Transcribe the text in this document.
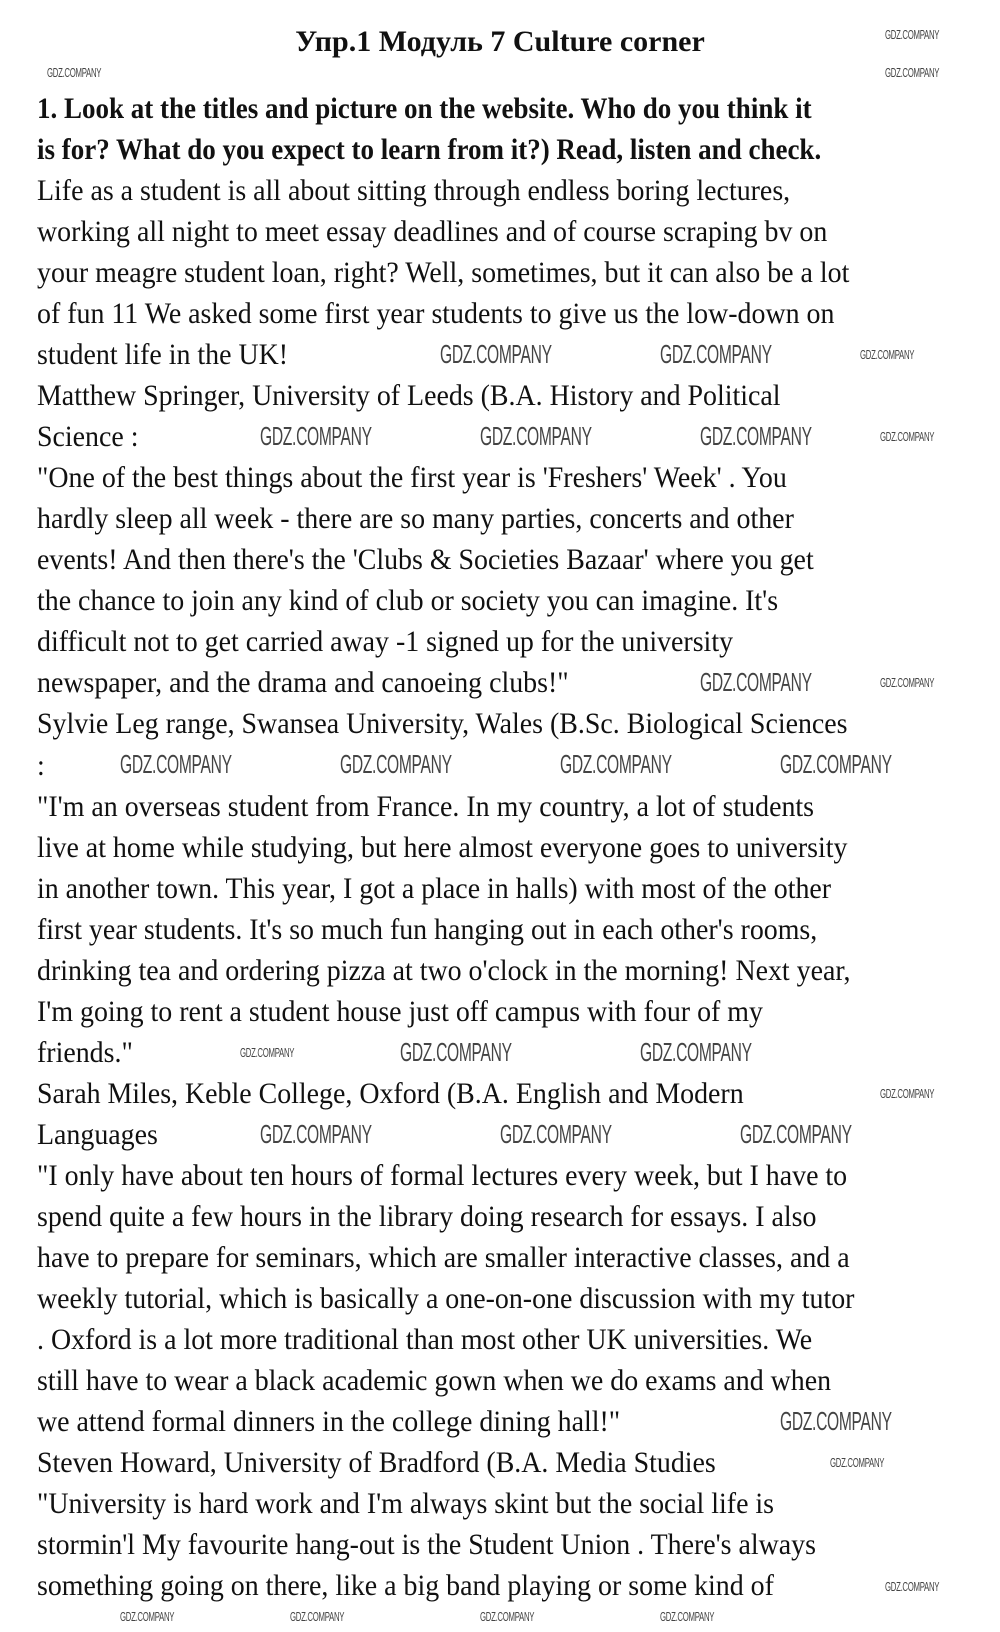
Упр.1 Модуль 7 Culture corner
1. Look at the titles and picture on the website. Who do you think it
is for? What do you expect to learn from it?) Read, listen and check.
Life as a student is all about sitting through endless boring lectures,
working all night to meet essay deadlines and of course scraping bv on
your meagre student loan, right? Well, sometimes, but it can also be a lot
of fun 11 We asked some first year students to give us the low-down on
student life in the UK!
Matthew Springer, University of Leeds (B.A. History and Political
Science :
"One of the best things about the first year is 'Freshers' Week' . You
hardly sleep all week - there are so many parties, concerts and other
events! And then there's the 'Clubs & Societies Bazaar' where you get
the chance to join any kind of club or society you can imagine. It's
difficult not to get carried away -1 signed up for the university
newspaper, and the drama and canoeing clubs!"
Sylvie Leg range, Swansea University, Wales (B.Sc. Biological Sciences
:
"I'm an overseas student from France. In my country, a lot of students
live at home while studying, but here almost everyone goes to university
in another town. This year, I got a place in halls) with most of the other
first year students. It's so much fun hanging out in each other's rooms,
drinking tea and ordering pizza at two o'clock in the morning! Next year,
I'm going to rent a student house just off campus with four of my
friends."
Sarah Miles, Keble College, Oxford (B.A. English and Modern
Languages
"I only have about ten hours of formal lectures every week, but I have to
spend quite a few hours in the library doing research for essays. I also
have to prepare for seminars, which are smaller interactive classes, and a
weekly tutorial, which is basically a one-on-one discussion with my tutor
. Oxford is a lot more traditional than most other UK universities. We
still have to wear a black academic gown when we do exams and when
we attend formal dinners in the college dining hall!"
Steven Howard, University of Bradford (B.A. Media Studies
"University is hard work and I'm always skint but the social life is
stormin'l My favourite hang-out is the Student Union . There's always
something going on there, like a big band playing or some kind of
GDZ.COMPANY
GDZ.COMPANY	GDZ.COMPANY
GDZ.COMPANY	GDZ.COMPANY	GDZ.COMPANY
GDZ.COMPANY	GDZ.COMPANY	GDZ.COMPANY	GDZ.COMPANY
GDZ.COMPANY	GDZ.COMPANY
GDZ.COMPANY	GDZ.COMPANY	GDZ.COMPANY	GDZ.COMPANY
GDZ.COMPANY	GDZ.COMPANY	GDZ.COMPANY
GDZ.COMPANY
GDZ.COMPANY	GDZ.COMPANY	GDZ.COMPANY
GDZ.COMPANY
GDZ.COMPANY
GDZ.COMPANY
GDZ.COMPANY	GDZ.COMPANY	GDZ.COMPANY	GDZ.COMPANY
